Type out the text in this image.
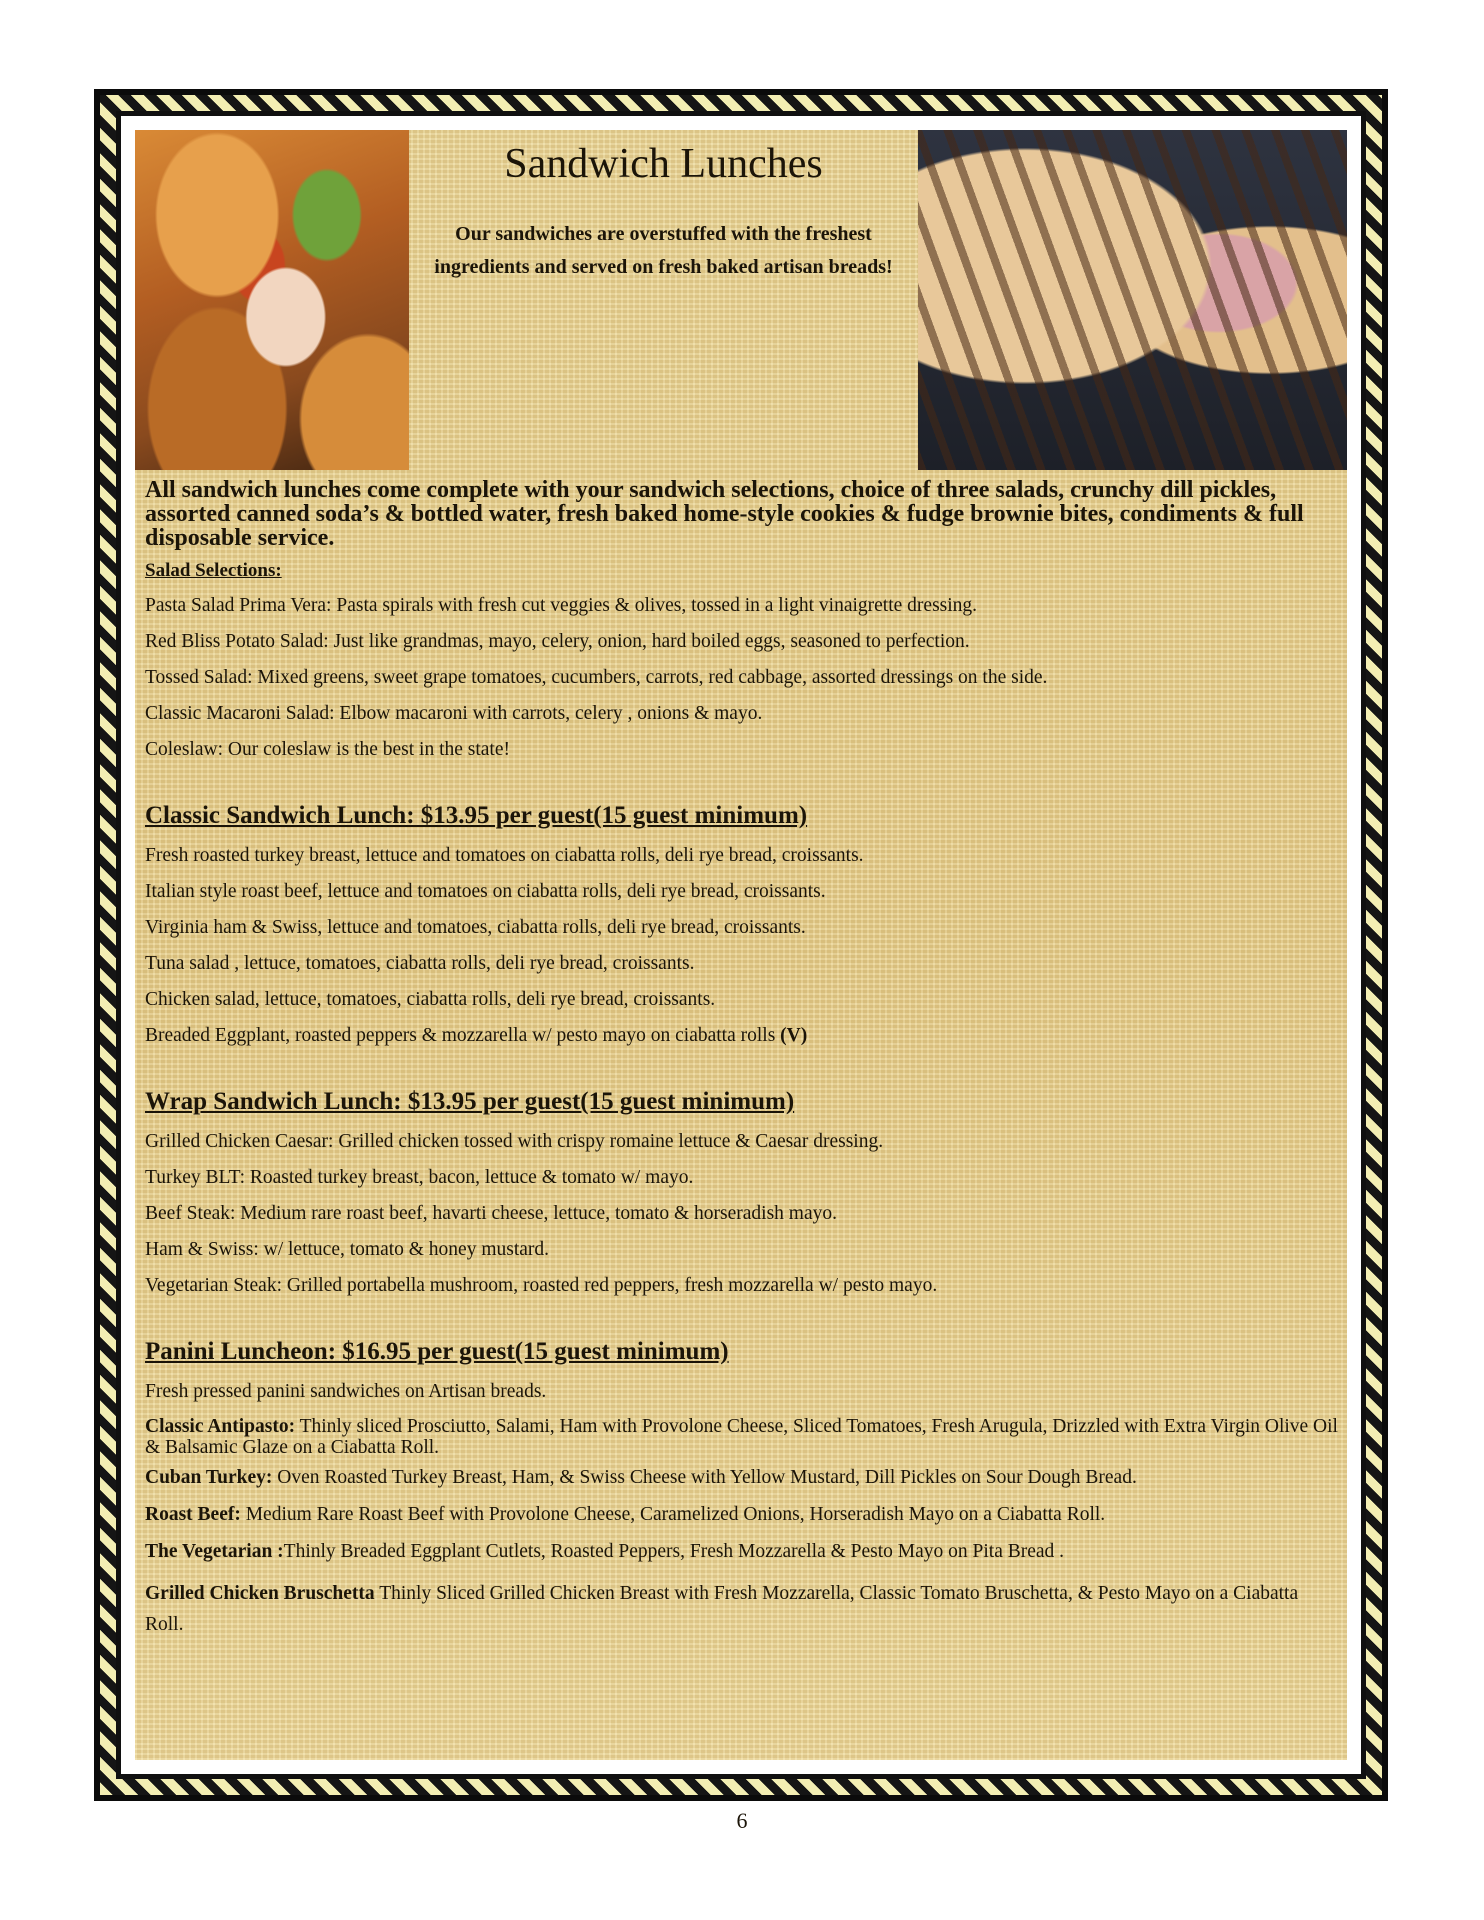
Sandwich Lunches
Our sandwiches are overstuffed with the freshest ingredients and served on fresh baked artisan breads!
All sandwich lunches come complete with your sandwich selections, choice of three salads, crunchy dill pickles, assorted canned soda’s & bottled water, fresh baked home-style cookies & fudge brownie bites, condiments & full disposable service.
Salad Selections:
Pasta Salad Prima Vera: Pasta spirals with fresh cut veggies & olives, tossed in a light vinaigrette dressing.
Red Bliss Potato Salad: Just like grandmas, mayo, celery, onion, hard boiled eggs, seasoned to perfection.
Tossed Salad: Mixed greens, sweet grape tomatoes, cucumbers, carrots, red cabbage, assorted dressings on the side.
Classic Macaroni Salad: Elbow macaroni with carrots, celery , onions & mayo.
Coleslaw: Our coleslaw is the best in the state!
Classic Sandwich Lunch: $13.95 per guest(15 guest minimum)
Fresh roasted turkey breast, lettuce and tomatoes on ciabatta rolls, deli rye bread, croissants.
Italian style roast beef, lettuce and tomatoes on ciabatta rolls, deli rye bread, croissants.
Virginia ham & Swiss, lettuce and tomatoes, ciabatta rolls, deli rye bread, croissants.
Tuna salad , lettuce, tomatoes, ciabatta rolls, deli rye bread, croissants.
Chicken salad, lettuce, tomatoes, ciabatta rolls, deli rye bread, croissants.
Breaded Eggplant, roasted peppers & mozzarella w/ pesto mayo on ciabatta rolls (V)
Wrap Sandwich Lunch: $13.95 per guest(15 guest minimum)
Grilled Chicken Caesar: Grilled chicken tossed with crispy romaine lettuce & Caesar dressing.
Turkey BLT: Roasted turkey breast, bacon, lettuce & tomato w/ mayo.
Beef Steak: Medium rare roast beef, havarti cheese, lettuce, tomato & horseradish mayo.
Ham & Swiss: w/ lettuce, tomato & honey mustard.
Vegetarian Steak: Grilled portabella mushroom, roasted red peppers, fresh mozzarella w/ pesto mayo.
Panini Luncheon: $16.95 per guest(15 guest minimum)
Fresh pressed panini sandwiches on Artisan breads.
Classic Antipasto: Thinly sliced Prosciutto, Salami, Ham with Provolone Cheese, Sliced Tomatoes, Fresh Arugula, Drizzled with Extra Virgin Olive Oil & Balsamic Glaze on a Ciabatta Roll.
Cuban Turkey: Oven Roasted Turkey Breast, Ham, & Swiss Cheese with Yellow Mustard, Dill Pickles on Sour Dough Bread.
Roast Beef: Medium Rare Roast Beef with Provolone Cheese, Caramelized Onions, Horseradish Mayo on a Ciabatta Roll.
The Vegetarian :Thinly Breaded Eggplant Cutlets, Roasted Peppers, Fresh Mozzarella & Pesto Mayo on Pita Bread .
Grilled Chicken Bruschetta Thinly Sliced Grilled Chicken Breast with Fresh Mozzarella, Classic Tomato Bruschetta, & Pesto Mayo on a Ciabatta Roll.
6
